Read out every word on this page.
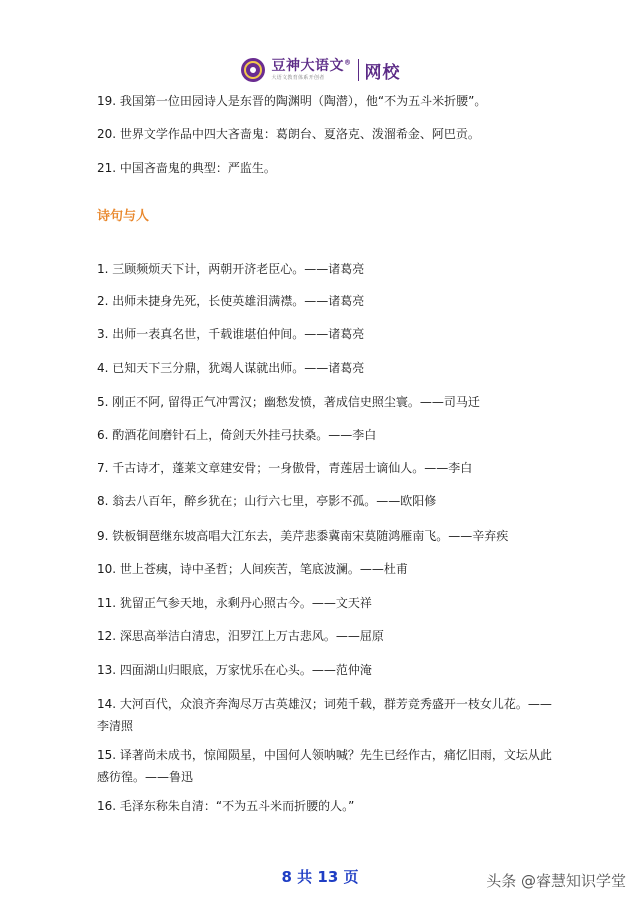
豆神大语文®
大语文教育体系开创者	网校
19. 我国第一位田园诗人是东晋的陶渊明（陶潜），他“不为五斗米折腰”。
20. 世界文学作品中四大吝啬鬼：葛朗台、夏洛克、泼溜希金、阿巴贡。
21. 中国吝啬鬼的典型：严监生。
诗句与人
1. 三顾频烦天下计，两朝开济老臣心。——诸葛亮
2. 出师未捷身先死，长使英雄泪满襟。——诸葛亮
3. 出师一表真名世，千载谁堪伯仲间。——诸葛亮
4. 已知天下三分鼎，犹竭人谋就出师。——诸葛亮
5. 刚正不阿, 留得正气冲霄汉；幽愁发愤，著成信史照尘寰。——司马迁
6. 酌酒花间磨针石上，倚剑天外挂弓扶桑。——李白
7. 千古诗才，蓬莱文章建安骨；一身傲骨，青莲居士谪仙人。——李白
8. 翁去八百年，醉乡犹在；山行六七里，亭影不孤。——欧阳修
9. 铁板铜琶继东坡高唱大江东去，美芹悲黍冀南宋莫随鸿雁南飞。——辛弃疾
10. 世上苍痍，诗中圣哲；人间疾苦，笔底波澜。——杜甫
11. 犹留正气参天地，永剩丹心照古今。——文天祥
12. 深思高举洁白清忠，汨罗江上万古悲风。——屈原
13. 四面湖山归眼底，万家忧乐在心头。——范仲淹
14. 大河百代，众浪齐奔淘尽万古英雄汉；词苑千载，群芳竞秀盛开一枝女儿花。——李清照
15. 译著尚未成书，惊闻陨星，中国何人领呐喊？先生已经作古，痛忆旧雨，文坛从此感彷徨。——鲁迅
16. 毛泽东称朱自清：“不为五斗米而折腰的人。”
8 共 13 页	头条 @睿慧知识学堂
